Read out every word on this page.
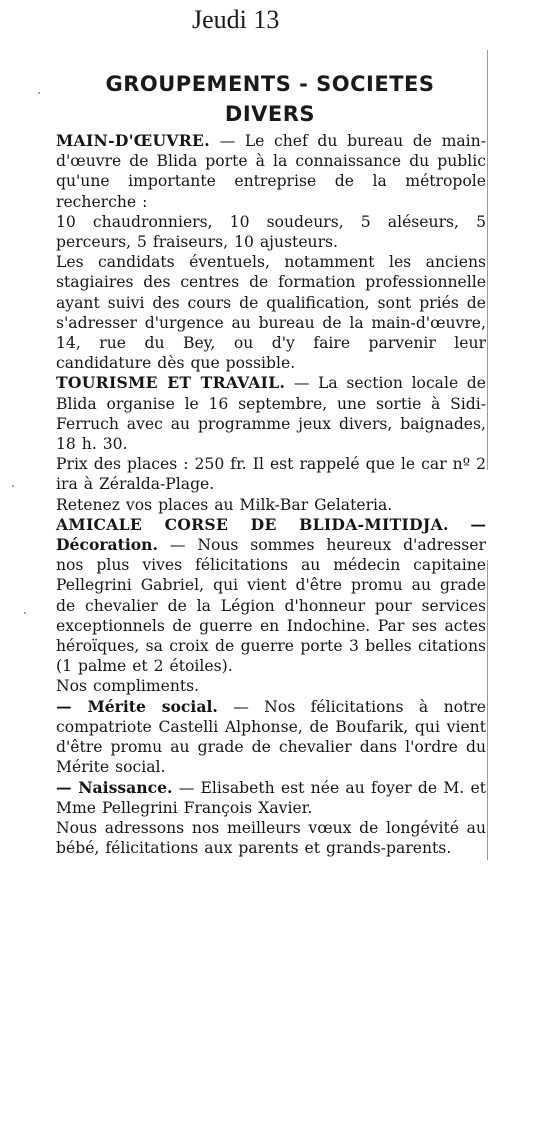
Jeudi 13
GROUPEMENTS - SOCIETES
DIVERS

MAIN-D'ŒUVRE. — Le chef du bureau de main-d'œuvre de Blida porte à la connaissance du public qu'une importante entreprise de la métropole recherche :

10 chaudronniers, 10 soudeurs, 5 aléseurs, 5 perceurs, 5 fraiseurs, 10 ajusteurs.

Les candidats éventuels, notamment les anciens stagiaires des centres de formation professionnelle ayant suivi des cours de qualification, sont priés de s'adresser d'urgence au bureau de la main-d'œuvre, 14, rue du Bey, ou d'y faire parvenir leur candidature dès que possible.

TOURISME ET TRAVAIL. — La section locale de Blida organise le 16 septembre, une sortie à Sidi-Ferruch avec au programme jeux divers, baignades, 18 h. 30.

Prix des places : 250 fr. Il est rappelé que le car nº 2 ira à Zéralda-Plage.

Retenez vos places au Milk-Bar Gelateria.

AMICALE CORSE DE BLIDA-MITIDJA. — Décoration. — Nous sommes heureux d'adresser nos plus vives félicitations au médecin capitaine Pellegrini Gabriel, qui vient d'être promu au grade de chevalier de la Légion d'honneur pour services exceptionnels de guerre en Indochine. Par ses actes héroïques, sa croix de guerre porte 3 belles citations (1 palme et 2 étoiles).

Nos compliments.

— Mérite social. — Nos félicitations à notre compatriote Castelli Alphonse, de Boufarik, qui vient d'être promu au grade de chevalier dans l'ordre du Mérite social.

— Naissance. — Elisabeth est née au foyer de M. et Mme Pellegrini François Xavier.

Nous adressons nos meilleurs vœux de longévité au bébé, félicitations aux parents et grands-parents.
